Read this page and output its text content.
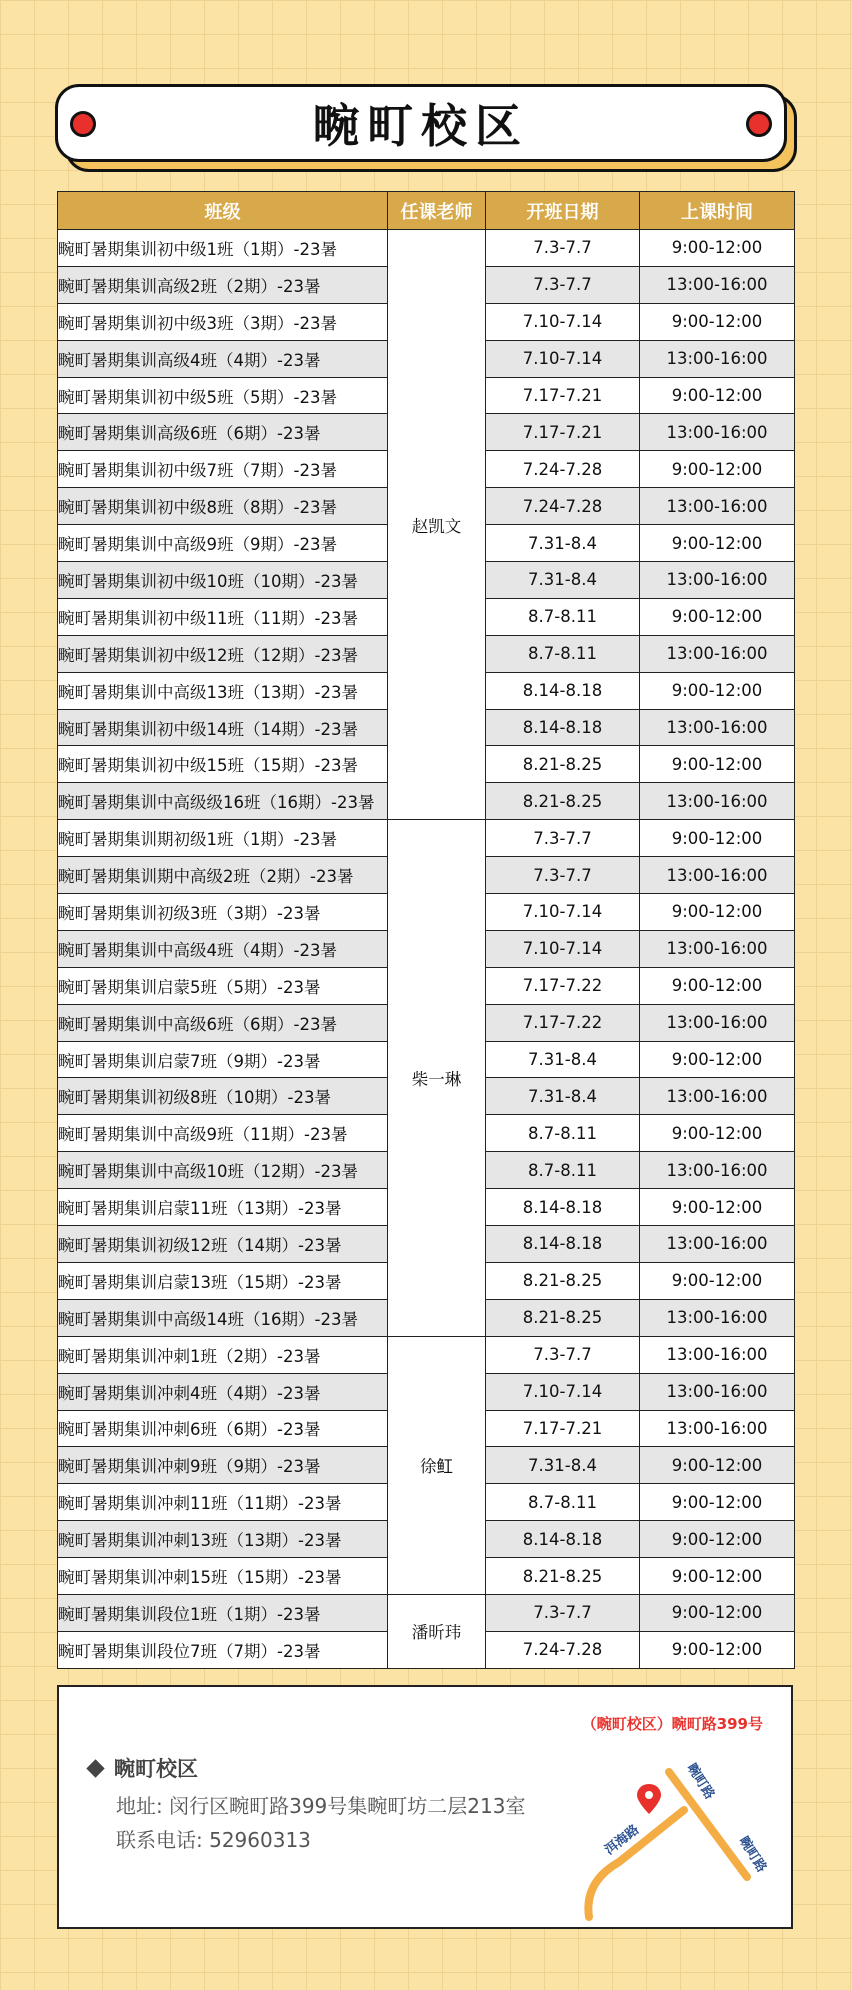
畹町校区
班级	任课老师	开班日期	上课时间
畹町暑期集训初中级1班（1期）-23暑	赵凯文	7.3-7.7	9:00-12:00
畹町暑期集训高级2班（2期）-23暑		7.3-7.7	13:00-16:00
畹町暑期集训初中级3班（3期）-23暑		7.10-7.14	9:00-12:00
畹町暑期集训高级4班（4期）-23暑		7.10-7.14	13:00-16:00
畹町暑期集训初中级5班（5期）-23暑		7.17-7.21	9:00-12:00
畹町暑期集训高级6班（6期）-23暑		7.17-7.21	13:00-16:00
畹町暑期集训初中级7班（7期）-23暑		7.24-7.28	9:00-12:00
畹町暑期集训初中级8班（8期）-23暑		7.24-7.28	13:00-16:00
畹町暑期集训中高级9班（9期）-23暑		7.31-8.4	9:00-12:00
畹町暑期集训初中级10班（10期）-23暑		7.31-8.4	13:00-16:00
畹町暑期集训初中级11班（11期）-23暑		8.7-8.11	9:00-12:00
畹町暑期集训初中级12班（12期）-23暑		8.7-8.11	13:00-16:00
畹町暑期集训中高级13班（13期）-23暑		8.14-8.18	9:00-12:00
畹町暑期集训初中级14班（14期）-23暑		8.14-8.18	13:00-16:00
畹町暑期集训初中级15班（15期）-23暑		8.21-8.25	9:00-12:00
畹町暑期集训中高级级16班（16期）-23暑		8.21-8.25	13:00-16:00
畹町暑期集训期初级1班（1期）-23暑	柴一琳	7.3-7.7	9:00-12:00
畹町暑期集训期中高级2班（2期）-23暑		7.3-7.7	13:00-16:00
畹町暑期集训初级3班（3期）-23暑		7.10-7.14	9:00-12:00
畹町暑期集训中高级4班（4期）-23暑		7.10-7.14	13:00-16:00
畹町暑期集训启蒙5班（5期）-23暑		7.17-7.22	9:00-12:00
畹町暑期集训中高级6班（6期）-23暑		7.17-7.22	13:00-16:00
畹町暑期集训启蒙7班（9期）-23暑		7.31-8.4	9:00-12:00
畹町暑期集训初级8班（10期）-23暑		7.31-8.4	13:00-16:00
畹町暑期集训中高级9班（11期）-23暑		8.7-8.11	9:00-12:00
畹町暑期集训中高级10班（12期）-23暑		8.7-8.11	13:00-16:00
畹町暑期集训启蒙11班（13期）-23暑		8.14-8.18	9:00-12:00
畹町暑期集训初级12班（14期）-23暑		8.14-8.18	13:00-16:00
畹町暑期集训启蒙13班（15期）-23暑		8.21-8.25	9:00-12:00
畹町暑期集训中高级14班（16期）-23暑		8.21-8.25	13:00-16:00
畹町暑期集训冲刺1班（2期）-23暑	徐𫚉	7.3-7.7	13:00-16:00
畹町暑期集训冲刺4班（4期）-23暑		7.10-7.14	13:00-16:00
畹町暑期集训冲刺6班（6期）-23暑		7.17-7.21	13:00-16:00
畹町暑期集训冲刺9班（9期）-23暑		7.31-8.4	9:00-12:00
畹町暑期集训冲刺11班（11期）-23暑		8.7-8.11	9:00-12:00
畹町暑期集训冲刺13班（13期）-23暑		8.14-8.18	9:00-12:00
畹町暑期集训冲刺15班（15期）-23暑		8.21-8.25	9:00-12:00
畹町暑期集训段位1班（1期）-23暑	潘昕玮	7.3-7.7	9:00-12:00
畹町暑期集训段位7班（7期）-23暑		7.24-7.28	9:00-12:00
畹町校区
地址: 闵行区畹町路399号集畹町坊二层213室
联系电话: 52960313
（畹町校区）畹町路399号
畹町路
洱海路	畹町路
